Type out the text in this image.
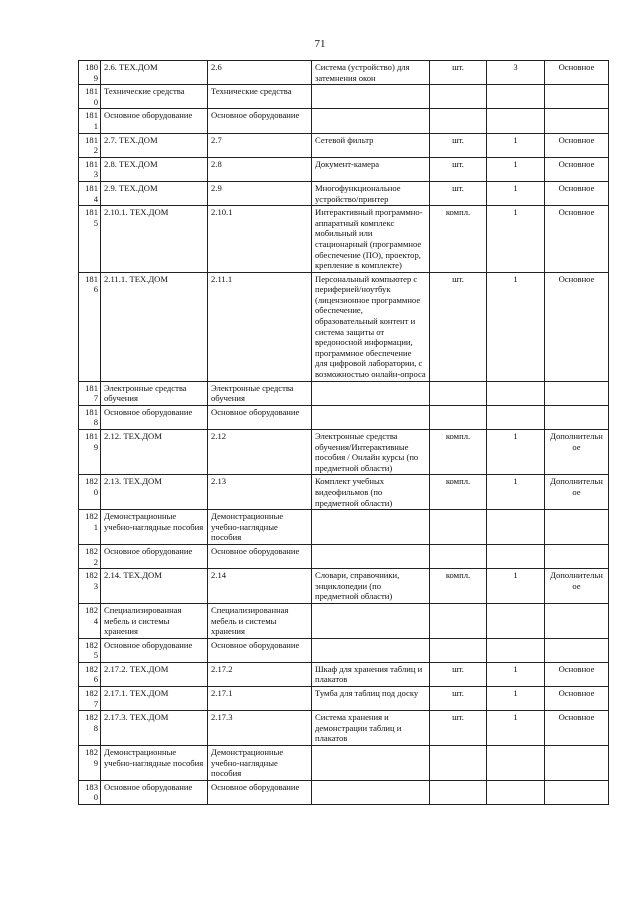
71
1809	2.6. ТЕХ.ДОМ	2.6	Система (устройство) для затемнения окон	шт.	3	Основное
1810	Технические средства	Технические средства				
1811	Основное оборудование	Основное оборудование				
1812	2.7. ТЕХ.ДОМ	2.7	Сетевой фильтр	шт.	1	Основное
1813	2.8. ТЕХ.ДОМ	2.8	Документ-камера	шт.	1	Основное
1814	2.9. ТЕХ.ДОМ	2.9	Многофункциональное устройство/принтер	шт.	1	Основное
1815	2.10.1. ТЕХ.ДОМ	2.10.1	Интерактивный программно-аппаратный комплекс мобильный или стационарный (программное обеспечение (ПО), проектор, крепление в комплекте)	компл.	1	Основное
1816	2.11.1. ТЕХ.ДОМ	2.11.1	Персональный компьютер с периферией/ноутбук (лицензионное программное обеспечение, образовательный контент и система защиты от вредоносной информации, программное обеспечение для цифровой лаборатории, с возможностью онлайн-опроса	шт.	1	Основное
1817	Электронные средства обучения	Электронные средства обучения				
1818	Основное оборудование	Основное оборудование				
1819	2.12. ТЕХ.ДОМ	2.12	Электронные средства обучения/Интерактивные пособия / Онлайн курсы (по предметной области)	компл.	1	Дополнительное
1820	2.13. ТЕХ.ДОМ	2.13	Комплект учебных видеофильмов (по предметной области)	компл.	1	Дополнительное
1821	Демонстрационные учебно-наглядные пособия	Демонстрационные учебно-наглядные пособия				
1822	Основное оборудование	Основное оборудование				
1823	2.14. ТЕХ.ДОМ	2.14	Словари, справочники, энциклопедии (по предметной области)	компл.	1	Дополнительное
1824	Специализированная мебель и системы хранения	Специализированная мебель и системы хранения				
1825	Основное оборудование	Основное оборудование				
1826	2.17.2. ТЕХ.ДОМ	2.17.2	Шкаф для хранения таблиц и плакатов	шт.	1	Основное
1827	2.17.1. ТЕХ.ДОМ	2.17.1	Тумба для таблиц под доску	шт.	1	Основное
1828	2.17.3. ТЕХ.ДОМ	2.17.3	Система хранения и демонстрации таблиц и плакатов	шт.	1	Основное
1829	Демонстрационные учебно-наглядные пособия	Демонстрационные учебно-наглядные пособия				
1830	Основное оборудование	Основное оборудование				
